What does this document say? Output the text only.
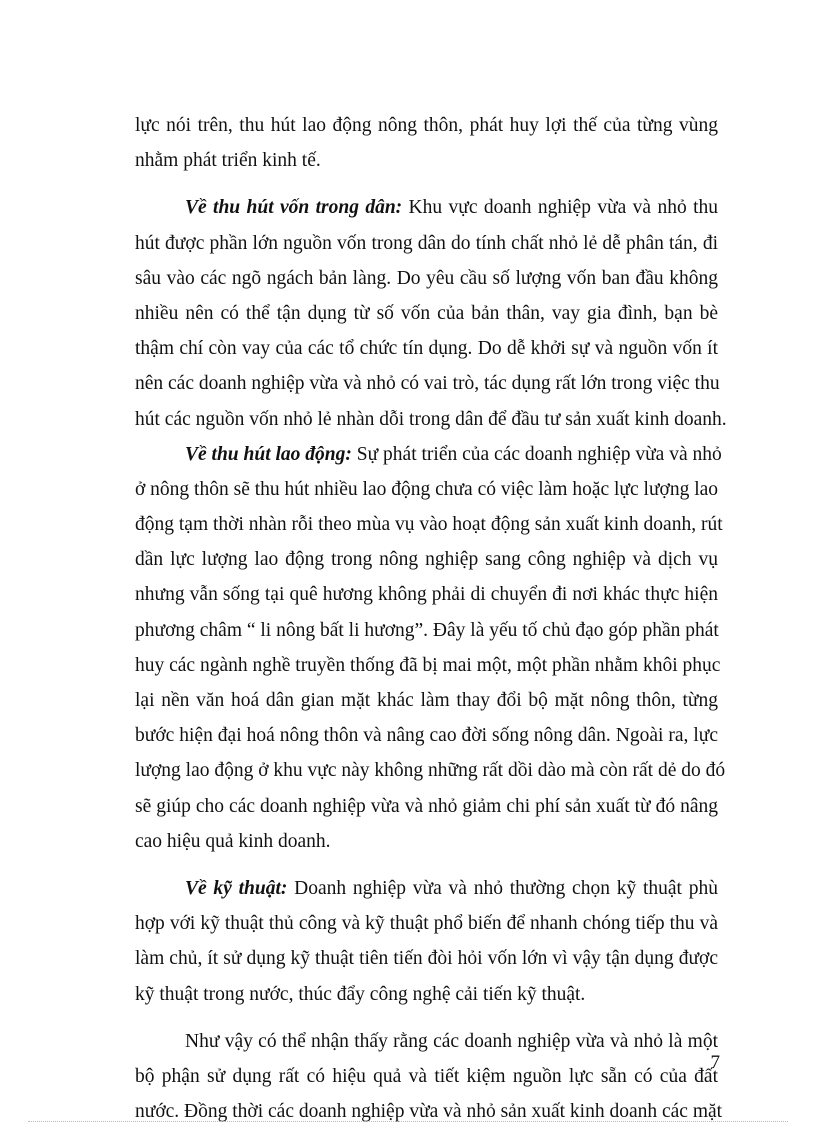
lực nói trên, thu hút lao động nông thôn, phát huy lợi thế của từng vùng
nhằm phát triển kinh tế.
Về thu hút vốn trong dân: Khu vực doanh nghiệp vừa và nhỏ thu
hút được phần lớn nguồn vốn trong dân do tính chất nhỏ lẻ dễ phân tán, đi
sâu vào các ngõ ngách bản làng. Do yêu cầu số lượng vốn ban đầu không
nhiều nên có thể tận dụng từ số vốn của bản thân, vay gia đình, bạn bè
thậm chí còn vay của các tổ chức tín dụng. Do dễ khởi sự và nguồn vốn ít
nên các doanh nghiệp vừa và nhỏ có vai trò, tác dụng rất lớn trong việc thu
hút các nguồn vốn nhỏ lẻ nhàn dỗi trong dân để đầu tư sản xuất kinh doanh.
Về thu hút lao động: Sự phát triển của các doanh nghiệp vừa và nhỏ
ở nông thôn sẽ thu hút nhiều lao động chưa có việc làm hoặc lực lượng lao
động tạm thời nhàn rỗi theo mùa vụ vào hoạt động sản xuất kinh doanh, rút
dần lực lượng lao động trong nông nghiệp sang công nghiệp và dịch vụ
nhưng vẫn sống tại quê hương không phải di chuyển đi nơi khác thực hiện
phương châm “ li nông bất li hương”. Đây là yếu tố chủ đạo góp phần phát
huy các ngành nghề truyền thống đã bị mai một, một phần nhằm khôi phục
lại nền văn hoá dân gian mặt khác làm thay đổi bộ mặt nông thôn, từng
bước hiện đại hoá nông thôn và nâng cao đời sống nông dân. Ngoài ra, lực
lượng lao động ở khu vực này không những rất dồi dào mà còn rất dẻ do đó
sẽ giúp cho các doanh nghiệp vừa và nhỏ giảm chi phí sản xuất từ đó nâng
cao hiệu quả kinh doanh.
Về kỹ thuật: Doanh nghiệp vừa và nhỏ thường chọn kỹ thuật phù
hợp với kỹ thuật thủ công và kỹ thuật phổ biến để nhanh chóng tiếp thu và
làm chủ, ít sử dụng kỹ thuật tiên tiến đòi hỏi vốn lớn vì vậy tận dụng được
kỹ thuật trong nước, thúc đẩy công nghệ cải tiến kỹ thuật.
Như vậy có thể nhận thấy rằng các doanh nghiệp vừa và nhỏ là một
bộ phận sử dụng rất có hiệu quả và tiết kiệm nguồn lực sẵn có của đất
nước. Đồng thời các doanh nghiệp vừa và nhỏ sản xuất kinh doanh các mặt
7
